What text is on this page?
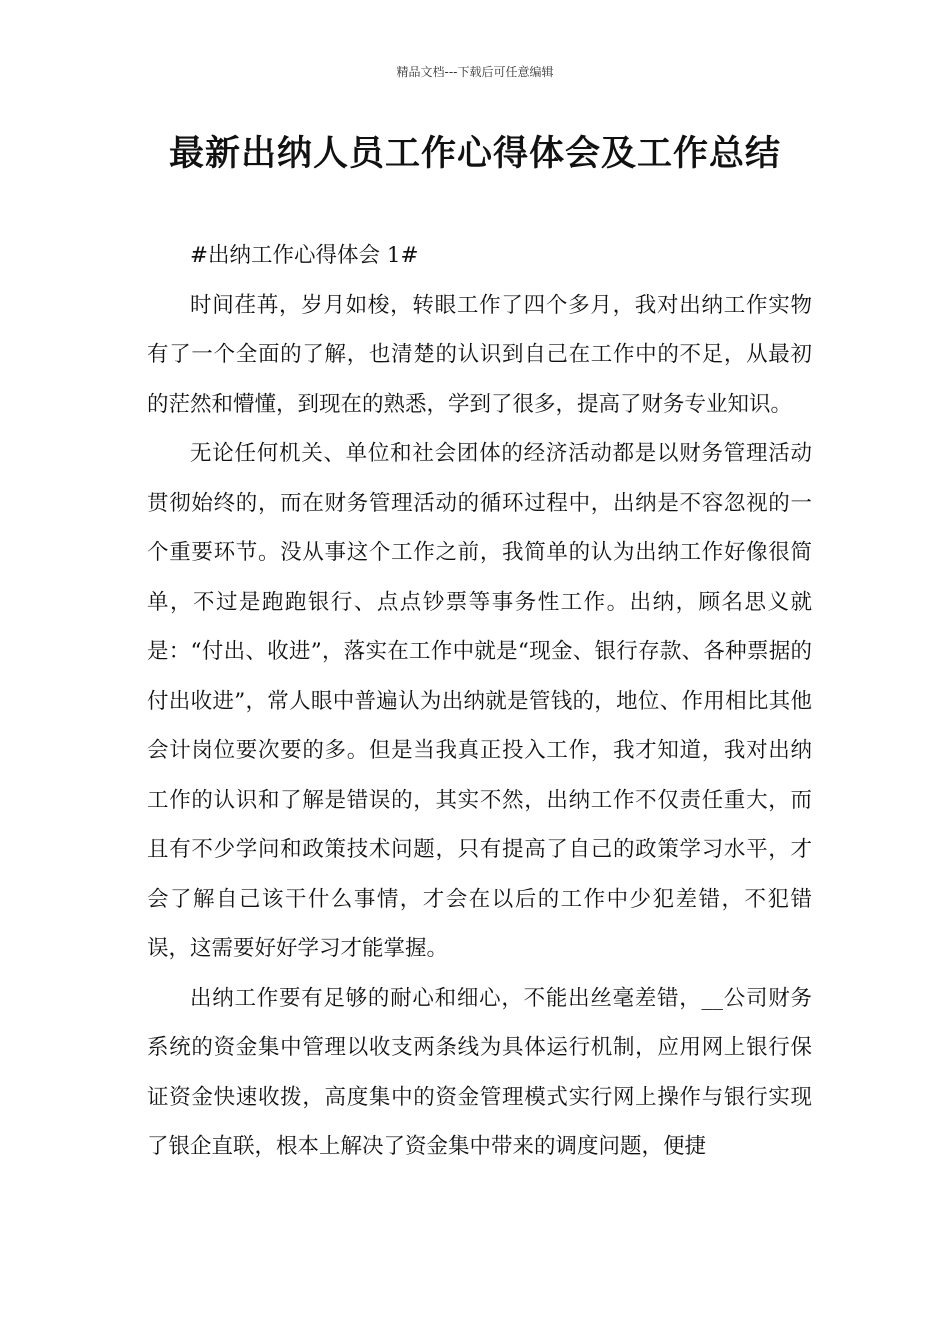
精品文档---下载后可任意编辑
最新出纳人员工作心得体会及工作总结

#出纳工作心得体会 1#

时间荏苒，岁月如梭，转眼工作了四个多月，我对出纳工作实物有了一个全面的了解，也清楚的认识到自己在工作中的不足，从最初的茫然和懵懂，到现在的熟悉，学到了很多，提高了财务专业知识。

无论任何机关、单位和社会团体的经济活动都是以财务管理活动贯彻始终的，而在财务管理活动的循环过程中，出纳是不容忽视的一个重要环节。没从事这个工作之前，我简单的认为出纳工作好像很简单，不过是跑跑银行、点点钞票等事务性工作。出纳，顾名思义就是：“付出、收进”，落实在工作中就是“现金、银行存款、各种票据的付出收进”，常人眼中普遍认为出纳就是管钱的，地位、作用相比其他会计岗位要次要的多。但是当我真正投入工作，我才知道，我对出纳工作的认识和了解是错误的，其实不然，出纳工作不仅责任重大，而且有不少学问和政策技术问题，只有提高了自己的政策学习水平，才会了解自己该干什么事情，才会在以后的工作中少犯差错，不犯错误，这需要好好学习才能掌握。

出纳工作要有足够的耐心和细心，不能出丝毫差错，__公司财务系统的资金集中管理以收支两条线为具体运行机制，应用网上银行保证资金快速收拨，高度集中的资金管理模式实行网上操作与银行实现了银企直联，根本上解决了资金集中带来的调度问题，便捷
